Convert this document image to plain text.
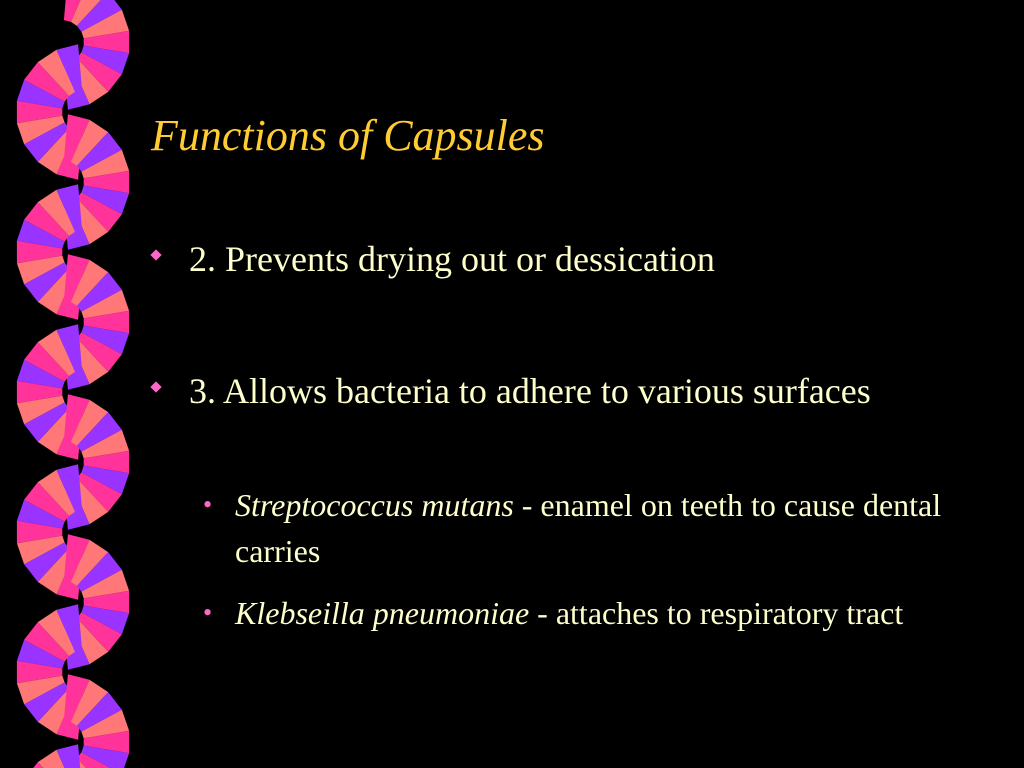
Functions of Capsules
2. Prevents drying out or dessication
3. Allows bacteria to adhere to various surfaces
• Streptococcus mutans - enamel on teeth to cause dental carries
• Klebseilla pneumoniae - attaches to respiratory tract
